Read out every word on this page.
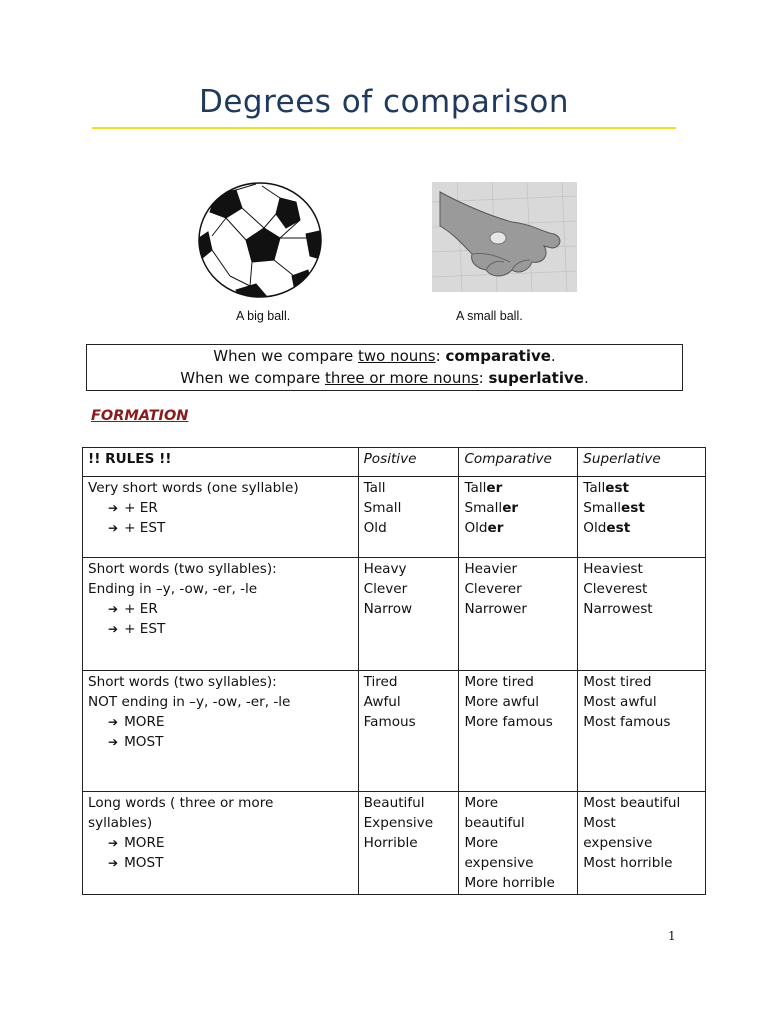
Degrees of comparison
A big ball.	A small ball.
When we compare two nouns: comparative.
When we compare three or more nouns: superlative.
FORMATION
!! RULES !!	Positive	Comparative	Superlative

Very short words (one syllable)
➔ + ER
➔ + EST	Tall
Small
Old	Taller
Smaller
Older	Tallest
Smallest
Oldest

Short words (two syllables):
Ending in –y, -ow, -er, -le
➔ + ER
➔ + EST	Heavy
Clever
Narrow	Heavier
Cleverer
Narrower	Heaviest
Cleverest
Narrowest

Short words (two syllables):
NOT ending in –y, -ow, -er, -le
➔ MORE
➔ MOST	Tired
Awful
Famous	More tired
More awful
More famous	Most tired
Most awful
Most famous

Long words ( three or more
syllables)
➔ MORE
➔ MOST	Beautiful
Expensive
Horrible	More
beautiful
More
expensive
More horrible	Most beautiful
Most
expensive
Most horrible
1
